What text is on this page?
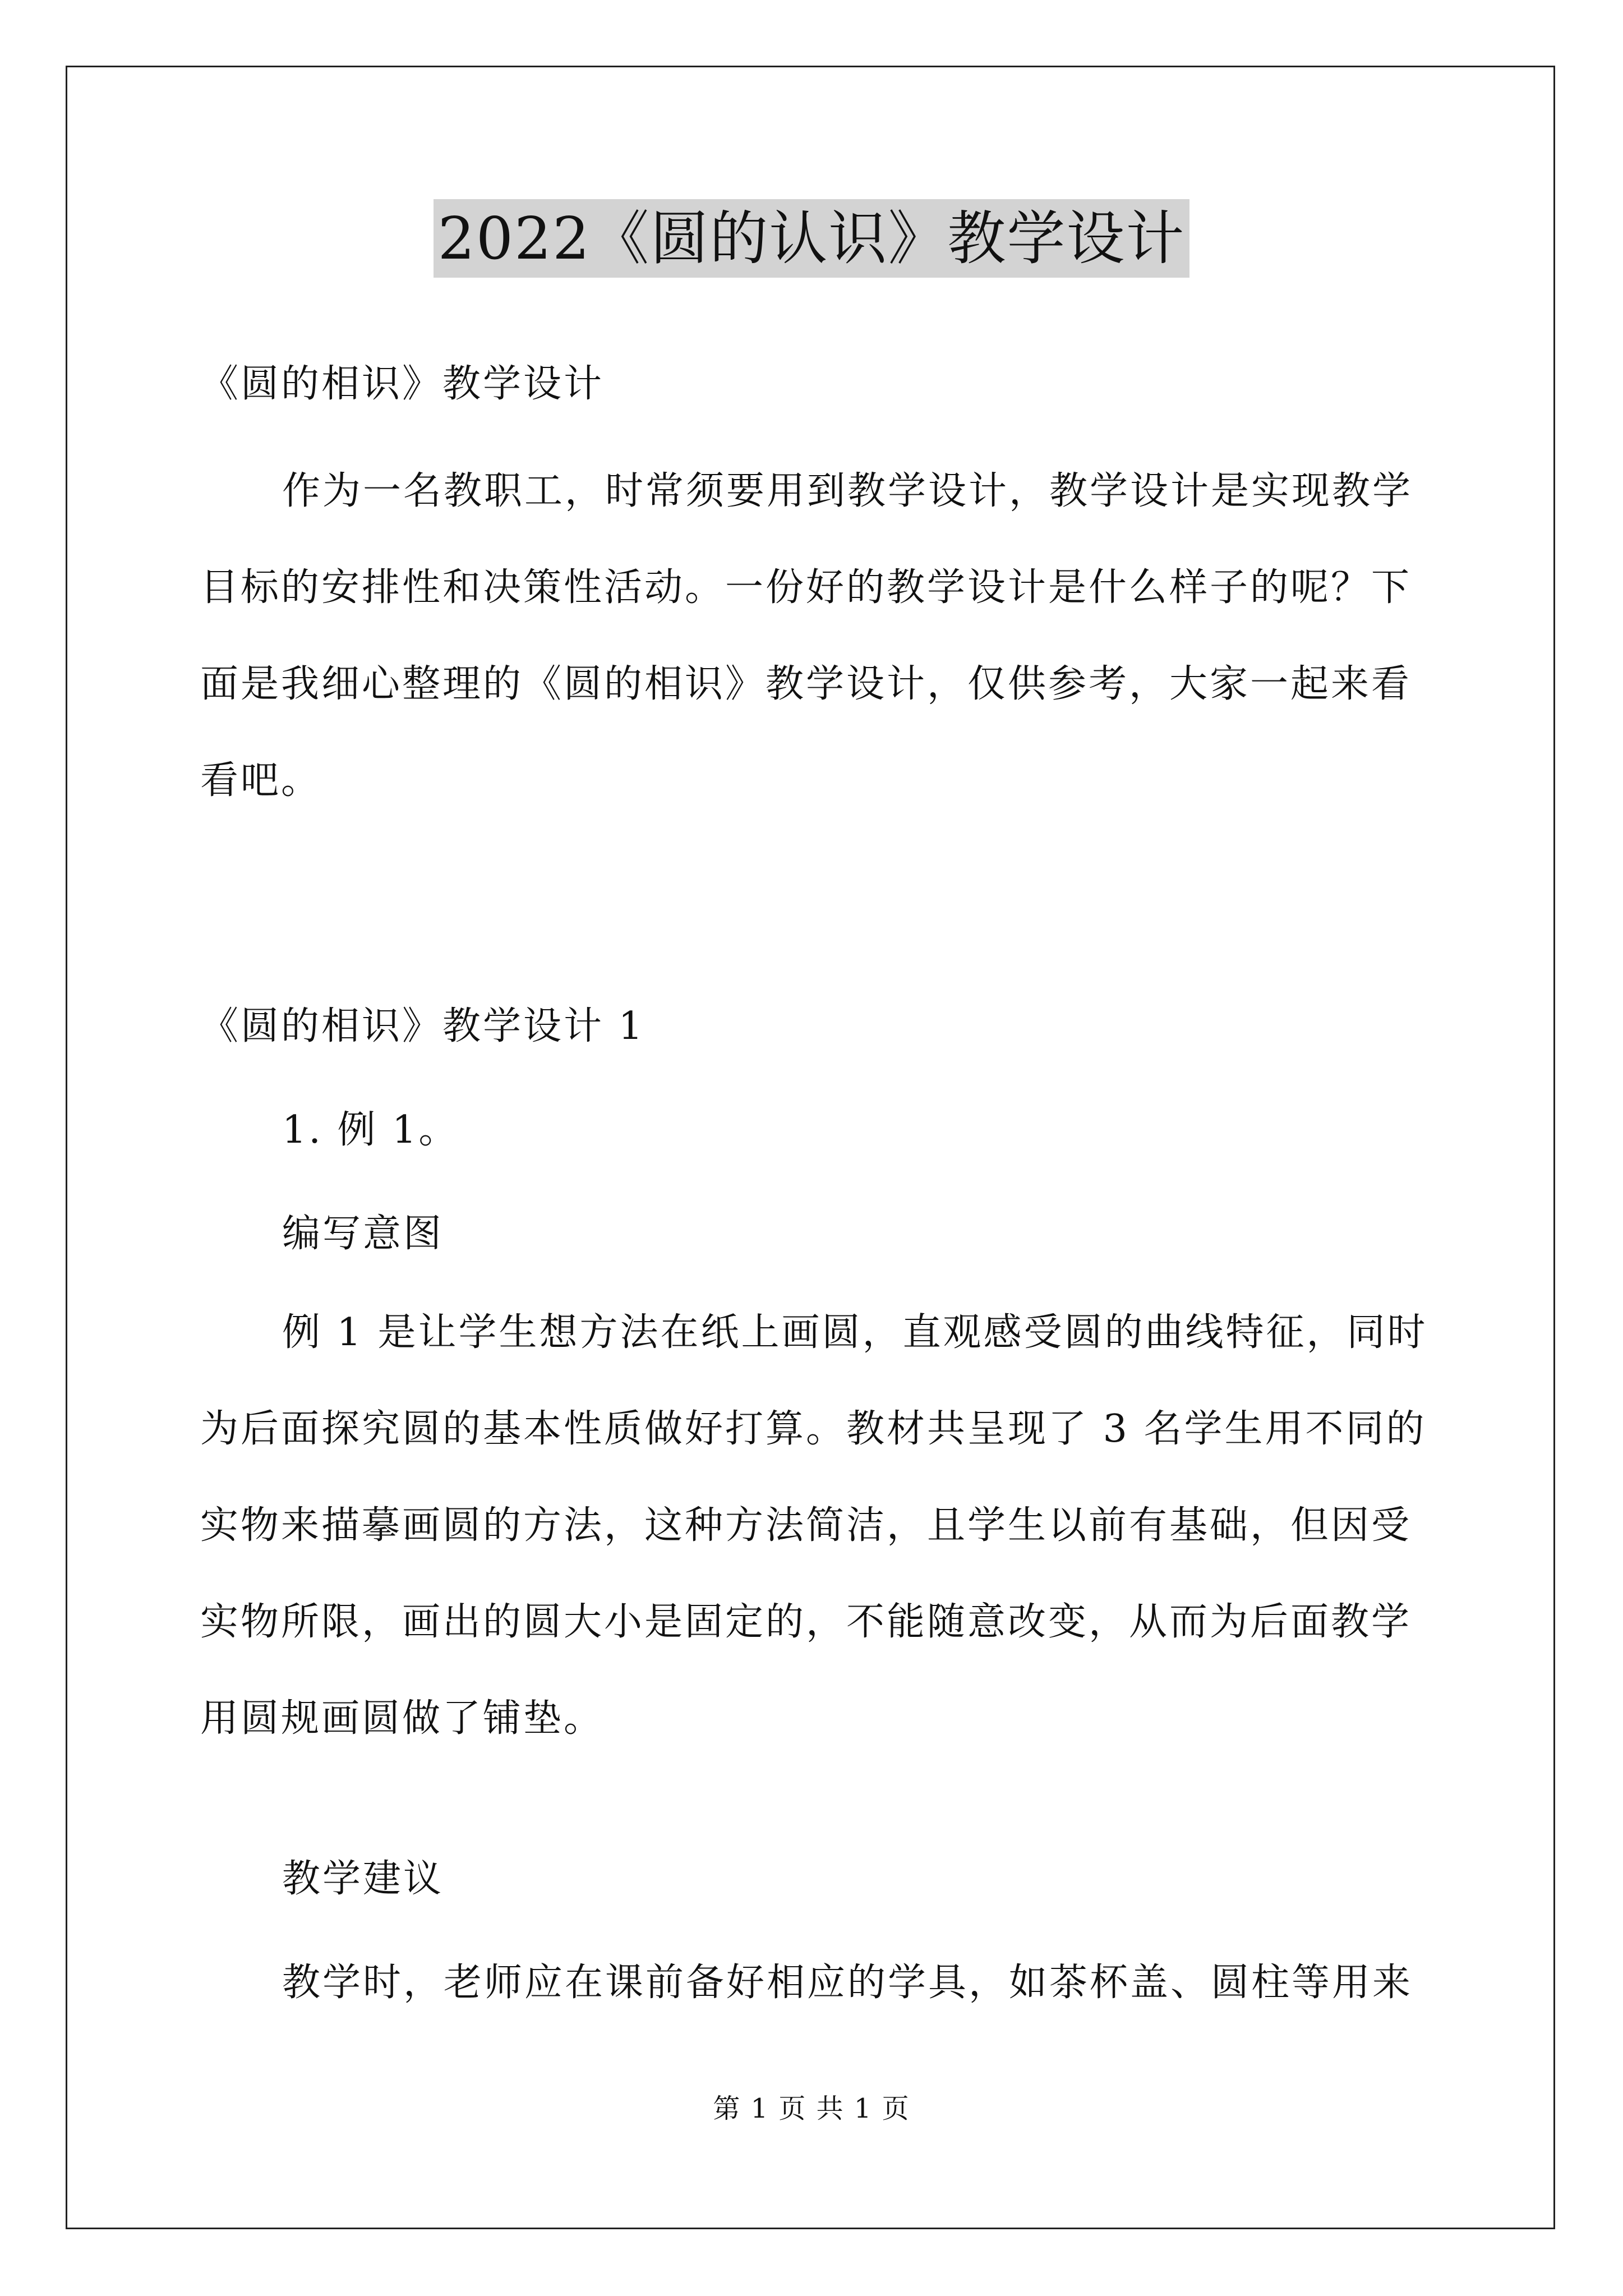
2022《圆的认识》教学设计
《圆的相识》教学设计
作为一名教职工，时常须要用到教学设计，教学设计是实现教学
目标的安排性和决策性活动。一份好的教学设计是什么样子的呢？下
面是我细心整理的《圆的相识》教学设计，仅供参考，大家一起来看
看吧。
《圆的相识》教学设计 1
1. 例 1。
编写意图
例 1 是让学生想方法在纸上画圆，直观感受圆的曲线特征，同时
为后面探究圆的基本性质做好打算。教材共呈现了 3 名学生用不同的
实物来描摹画圆的方法，这种方法简洁，且学生以前有基础，但因受
实物所限，画出的圆大小是固定的，不能随意改变，从而为后面教学
用圆规画圆做了铺垫。
教学建议
教学时，老师应在课前备好相应的学具，如茶杯盖、圆柱等用来
第 1 页 共 1 页
